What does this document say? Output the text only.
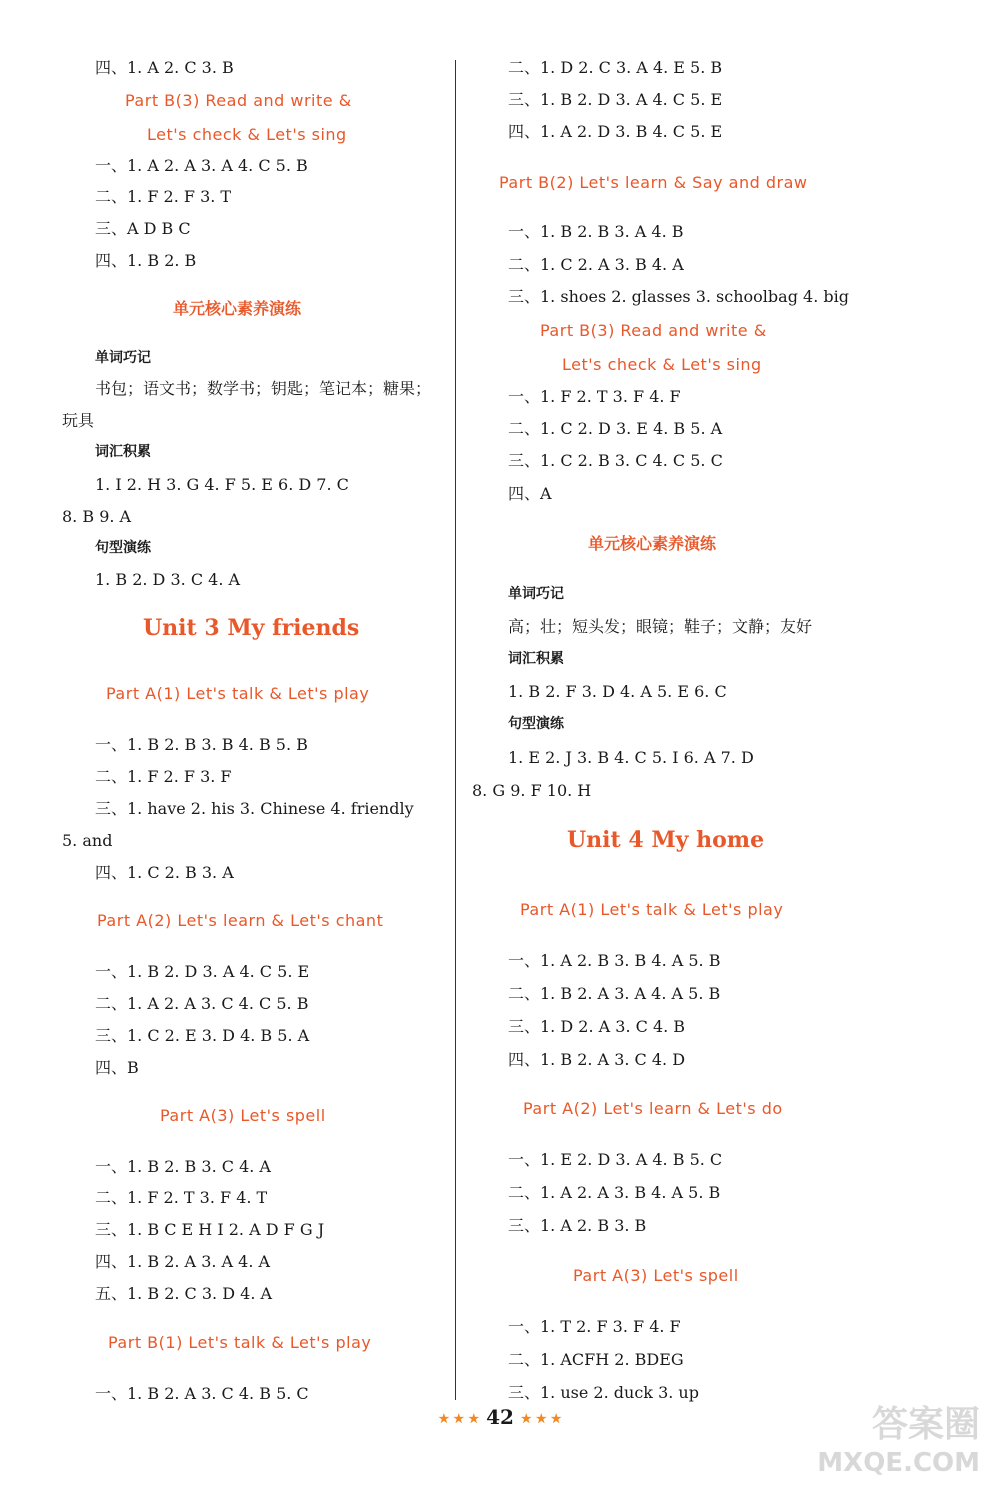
四、1. A 2. C 3. B
Part B(3) Read and write &
Let's check & Let's sing
一、1. A 2. A 3. A 4. C 5. B
二、1. F 2. F 3. T
三、A D B C
四、1. B 2. B
单元核心素养演练
单词巧记
书包；语文书；数学书；钥匙；笔记本；糖果；
玩具
词汇积累
1. I 2. H 3. G 4. F 5. E 6. D 7. C
8. B 9. A
句型演练
1. B 2. D 3. C 4. A
Unit 3 My friends
Part A(1) Let's talk & Let's play
一、1. B 2. B 3. B 4. B 5. B
二、1. F 2. F 3. F
三、1. have 2. his 3. Chinese 4. friendly
5. and
四、1. C 2. B 3. A
Part A(2) Let's learn & Let's chant
一、1. B 2. D 3. A 4. C 5. E
二、1. A 2. A 3. C 4. C 5. B
三、1. C 2. E 3. D 4. B 5. A
四、B
Part A(3) Let's spell
一、1. B 2. B 3. C 4. A
二、1. F 2. T 3. F 4. T
三、1. B C E H I 2. A D F G J
四、1. B 2. A 3. A 4. A
五、1. B 2. C 3. D 4. A
Part B(1) Let's talk & Let's play
一、1. B 2. A 3. C 4. B 5. C
二、1. D 2. C 3. A 4. E 5. B
三、1. B 2. D 3. A 4. C 5. E
四、1. A 2. D 3. B 4. C 5. E
Part B(2) Let's learn & Say and draw
一、1. B 2. B 3. A 4. B
二、1. C 2. A 3. B 4. A
三、1. shoes 2. glasses 3. schoolbag 4. big
Part B(3) Read and write &
Let's check & Let's sing
一、1. F 2. T 3. F 4. F
二、1. C 2. D 3. E 4. B 5. A
三、1. C 2. B 3. C 4. C 5. C
四、A
单元核心素养演练
单词巧记
高；壮；短头发；眼镜；鞋子；文静；友好
词汇积累
1. B 2. F 3. D 4. A 5. E 6. C
句型演练
1. E 2. J 3. B 4. C 5. I 6. A 7. D
8. G 9. F 10. H
Unit 4 My home
Part A(1) Let's talk & Let's play
一、1. A 2. B 3. B 4. A 5. B
二、1. B 2. A 3. A 4. A 5. B
三、1. D 2. A 3. C 4. B
四、1. B 2. A 3. C 4. D
Part A(2) Let's learn & Let's do
一、1. E 2. D 3. A 4. B 5. C
二、1. A 2. A 3. B 4. A 5. B
三、1. A 2. B 3. B
Part A(3) Let's spell
一、1. T 2. F 3. F 4. F
二、1. ACFH 2. BDEG
三、1. use 2. duck 3. up
★ ★ ★ 42 ★ ★ ★	答案圈
MXQE.COM
